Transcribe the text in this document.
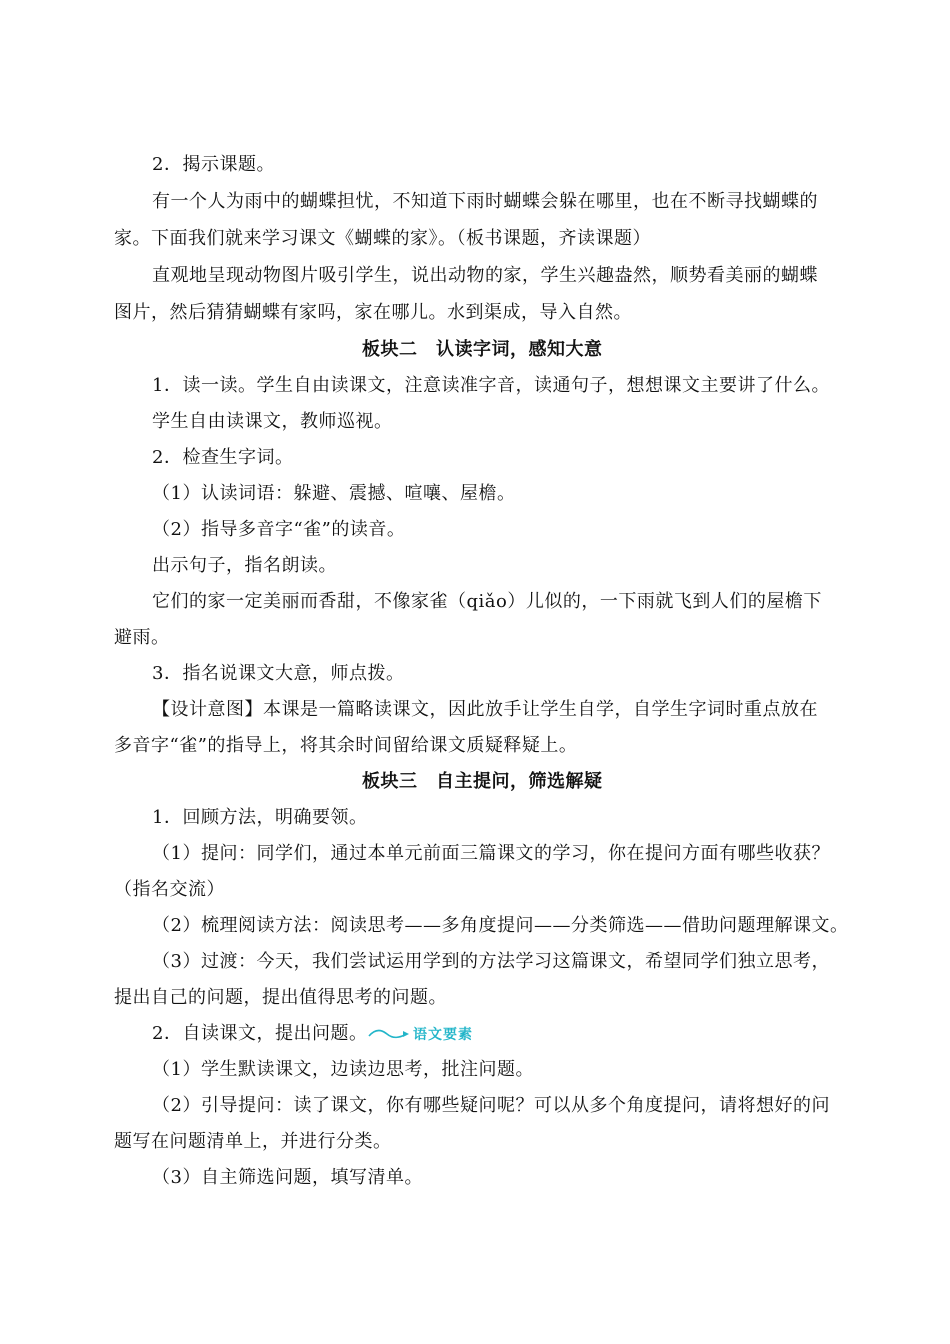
2．揭示课题。
有一个人为雨中的蝴蝶担忧，不知道下雨时蝴蝶会躲在哪里，也在不断寻找蝴蝶的
家。下面我们就来学习课文《蝴蝶的家》。（板书课题，齐读课题）
直观地呈现动物图片吸引学生，说出动物的家，学生兴趣盎然，顺势看美丽的蝴蝶
图片，然后猜猜蝴蝶有家吗，家在哪儿。水到渠成，导入自然。
板块二　认读字词，感知大意
1．读一读。学生自由读课文，注意读准字音，读通句子，想想课文主要讲了什么。
学生自由读课文，教师巡视。
2．检查生字词。
（1）认读词语：躲避、震撼、喧嚷、屋檐。
（2）指导多音字“雀”的读音。
出示句子，指名朗读。
它们的家一定美丽而香甜，不像家雀（qiǎo）儿似的，一下雨就飞到人们的屋檐下
避雨。
3．指名说课文大意，师点拨。
【设计意图】本课是一篇略读课文，因此放手让学生自学，自学生字词时重点放在
多音字“雀”的指导上，将其余时间留给课文质疑释疑上。
板块三　自主提问，筛选解疑
1．回顾方法，明确要领。
（1）提问：同学们，通过本单元前面三篇课文的学习，你在提问方面有哪些收获？
（指名交流）
（2）梳理阅读方法：阅读思考——多角度提问——分类筛选——借助问题理解课文。
（3）过渡：今天，我们尝试运用学到的方法学习这篇课文，希望同学们独立思考，
提出自己的问题，提出值得思考的问题。
2．自读课文，提出问题。	语文要素
（1）学生默读课文，边读边思考，批注问题。
（2）引导提问：读了课文，你有哪些疑问呢？可以从多个角度提问，请将想好的问
题写在问题清单上，并进行分类。
（3）自主筛选问题，填写清单。
